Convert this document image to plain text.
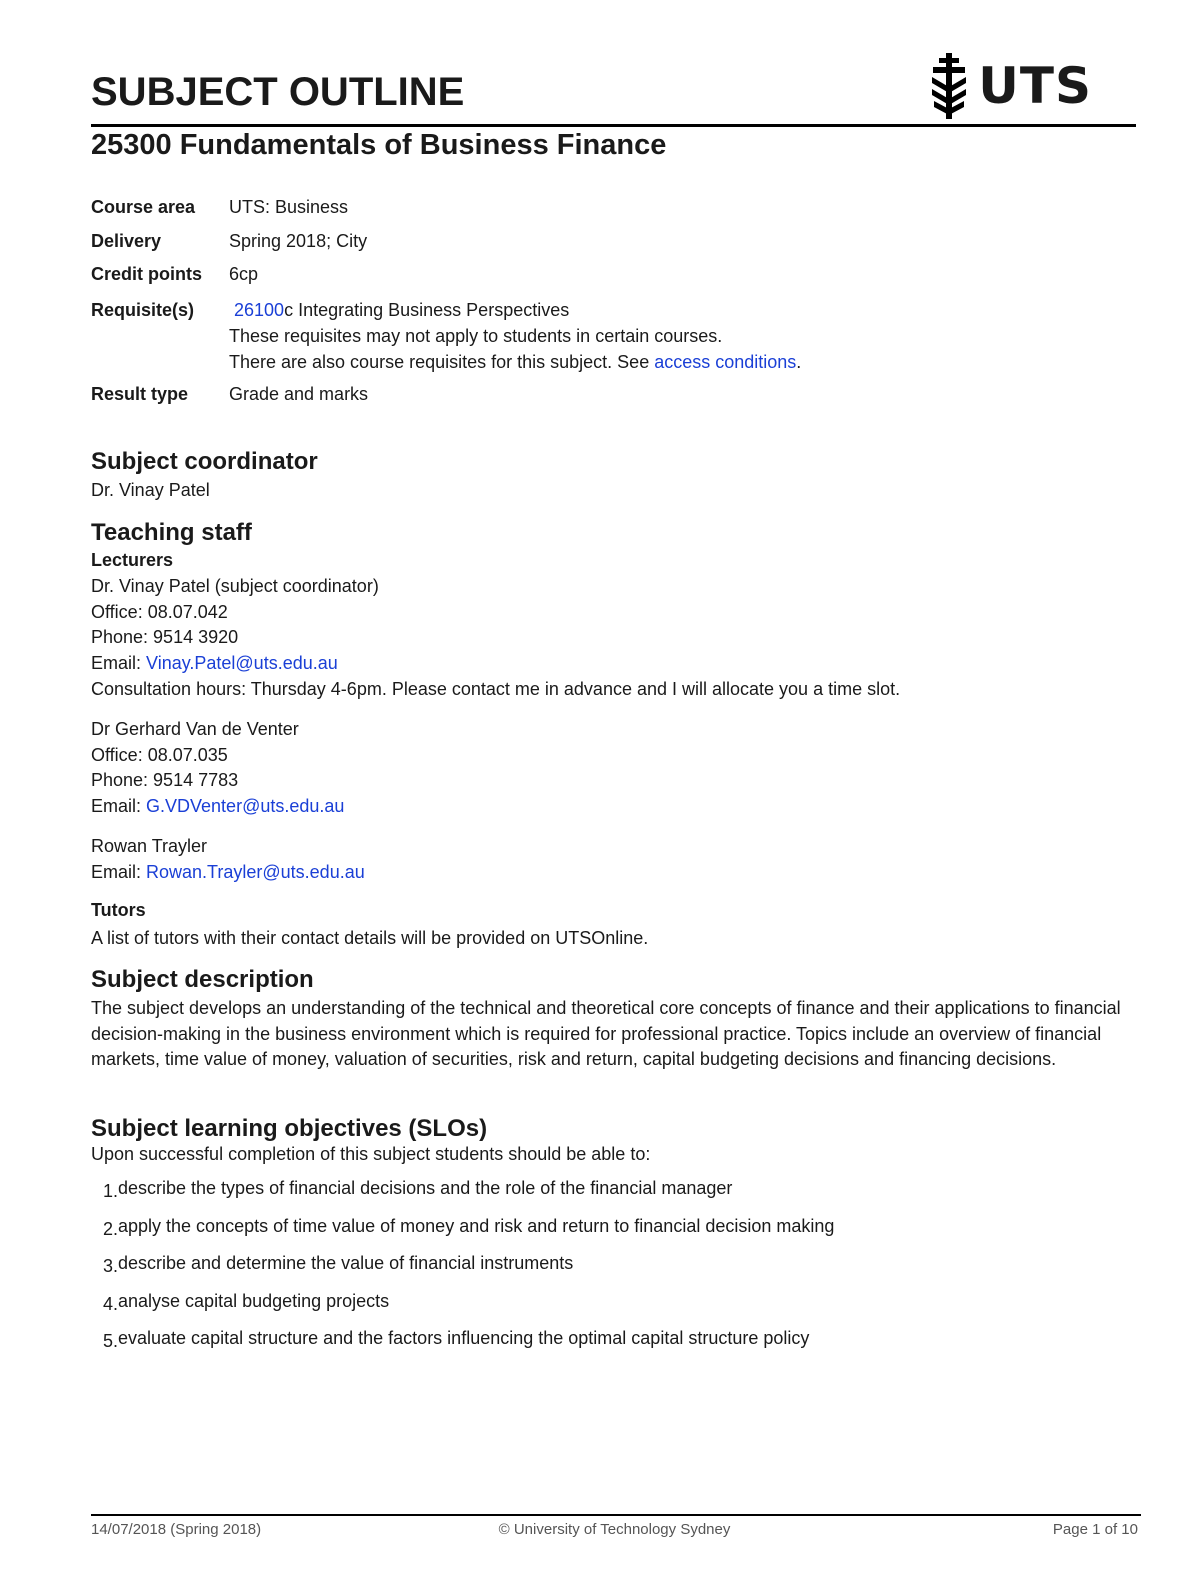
SUBJECT OUTLINE	UTS
25300 Fundamentals of Business Finance
Course area	UTS: Business
Delivery	Spring 2018; City
Credit points	6cp
Requisite(s)	26100c Integrating Business Perspectives
These requisites may not apply to students in certain courses.
There are also course requisites for this subject. See access conditions.
Result type	Grade and marks
Subject coordinator
Dr. Vinay Patel
Teaching staff
Lecturers
Dr. Vinay Patel (subject coordinator)
Office: 08.07.042
Phone: 9514 3920
Email: Vinay.Patel@uts.edu.au
Consultation hours: Thursday 4-6pm. Please contact me in advance and I will allocate you a time slot.
Dr Gerhard Van de Venter
Office: 08.07.035
Phone: 9514 7783
Email: G.VDVenter@uts.edu.au
Rowan Trayler
Email: Rowan.Trayler@uts.edu.au
Tutors
A list of tutors with their contact details will be provided on UTSOnline.
Subject description

The subject develops an understanding of the technical and theoretical core concepts of finance and their applications to financial decision-making in the business environment which is required for professional practice. Topics include an overview of financial markets, time value of money, valuation of securities, risk and return, capital budgeting decisions and financing decisions.

Subject learning objectives (SLOs)
Upon successful completion of this subject students should be able to:
1. describe the types of financial decisions and the role of the financial manager
2. apply the concepts of time value of money and risk and return to financial decision making
3. describe and determine the value of financial instruments
4. analyse capital budgeting projects
5. evaluate capital structure and the factors influencing the optimal capital structure policy
14/07/2018 (Spring 2018)	© University of Technology Sydney	Page 1 of 10
